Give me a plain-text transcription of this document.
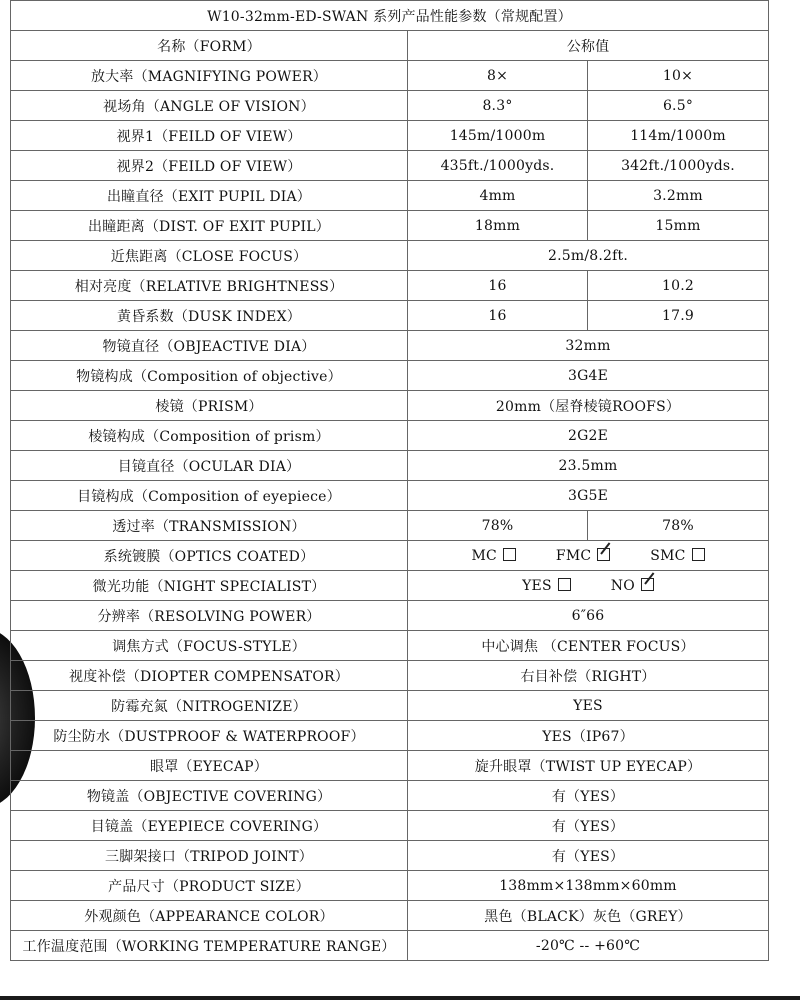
W10-32mm-ED-SWAN 系列产品性能参数（常规配置）		
名称（FORM）	公称值	
放大率（MAGNIFYING POWER）	8×	10×
视场角（ANGLE OF VISION）	8.3°	6.5°
视界1（FEILD OF VIEW）	145m/1000m	114m/1000m
视界2（FEILD OF VIEW）	435ft./1000yds.	342ft./1000yds.
出瞳直径（EXIT PUPIL DIA）	4mm	3.2mm
出瞳距离（DIST. OF EXIT PUPIL）	18mm	15mm
近焦距离（CLOSE FOCUS）	2.5m/8.2ft.	
相对亮度（RELATIVE BRIGHTNESS）	16	10.2
黄昏系数（DUSK INDEX）	16	17.9
物镜直径（OBJEACTIVE DIA）	32mm	
物镜构成（Composition of objective）	3G4E	
棱镜（PRISM）	20mm（屋脊棱镜ROOFS）	
棱镜构成（Composition of prism）	2G2E	
目镜直径（OCULAR DIA）	23.5mm	
目镜构成（Composition of eyepiece）	3G5E	
透过率（TRANSMISSION）	78%	78%
系统镀膜（OPTICS COATED）	MC FMC SMC	
微光功能（NIGHT SPECIALIST）	YES NO	
分辨率（RESOLVING POWER）	6″66	
调焦方式（FOCUS-STYLE）	中心调焦 （CENTER FOCUS）	
视度补偿（DIOPTER COMPENSATOR）	右目补偿（RIGHT）	
防霉充氮（NITROGENIZE）	YES	
防尘防水（DUSTPROOF & WATERPROOF）	YES（IP67）	
眼罩（EYECAP）	旋升眼罩（TWIST UP EYECAP）	
物镜盖（OBJECTIVE COVERING）	有（YES）	
目镜盖（EYEPIECE COVERING）	有（YES）	
三脚架接口（TRIPOD JOINT）	有（YES）	
产品尺寸（PRODUCT SIZE）	138mm×138mm×60mm	
外观颜色（APPEARANCE COLOR）	黑色（BLACK）灰色（GREY）	
工作温度范围（WORKING TEMPERATURE RANGE）	-20℃ -- +60℃	
